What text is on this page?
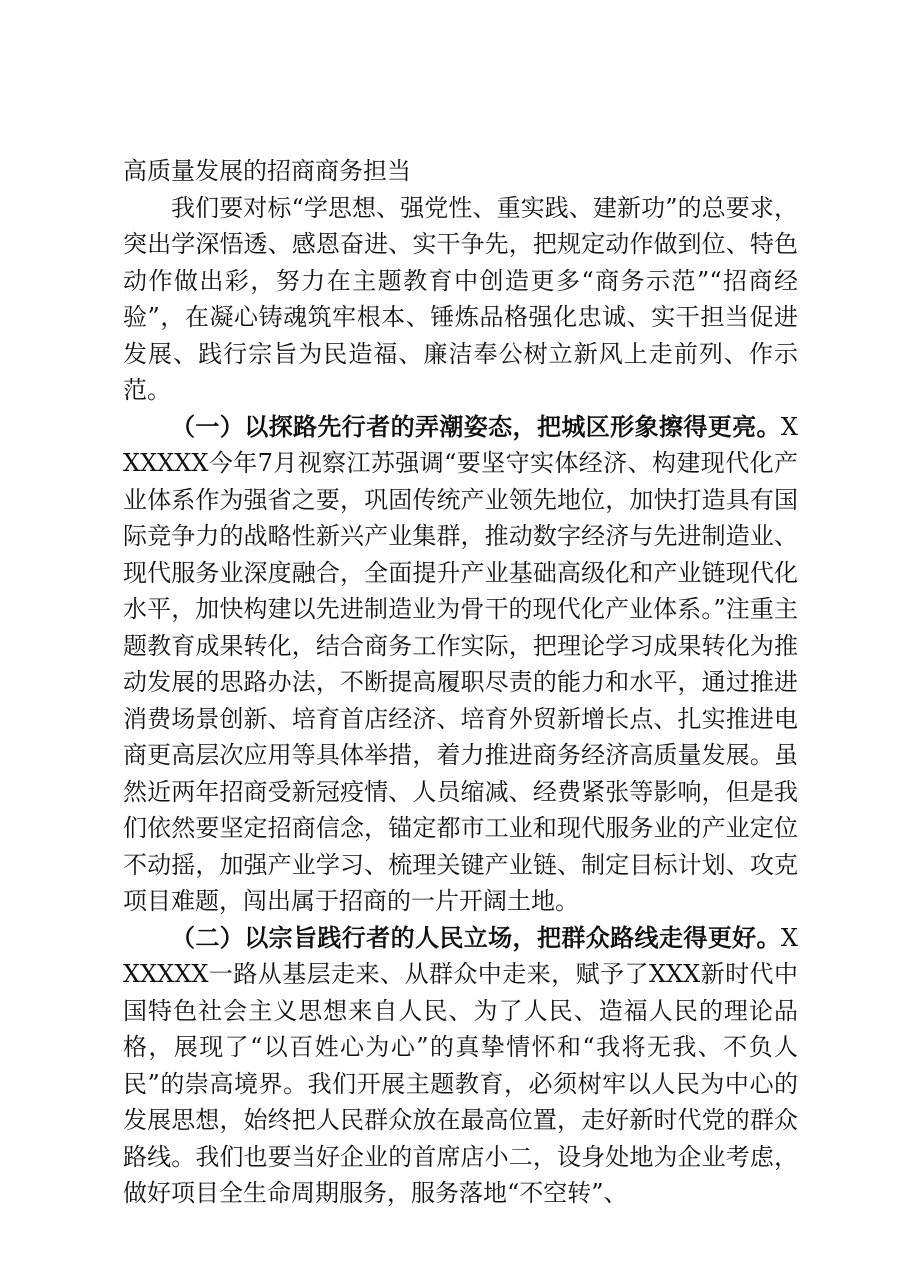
高质量发展的招商商务担当

我们要对标“学思想、强党性、重实践、建新功”的总要求，突出学深悟透、感恩奋进、实干争先，把规定动作做到位、特色动作做出彩，努力在主题教育中创造更多“商务示范”“招商经验”，在凝心铸魂筑牢根本、锤炼品格强化忠诚、实干担当促进发展、践行宗旨为民造福、廉洁奉公树立新风上走前列、作示范。

（一）以探路先行者的弄潮姿态，把城区形象擦得更亮。XXXXXX今年7月视察江苏强调“要坚守实体经济、构建现代化产业体系作为强省之要，巩固传统产业领先地位，加快打造具有国际竞争力的战略性新兴产业集群，推动数字经济与先进制造业、现代服务业深度融合，全面提升产业基础高级化和产业链现代化水平，加快构建以先进制造业为骨干的现代化产业体系。”注重主题教育成果转化，结合商务工作实际，把理论学习成果转化为推动发展的思路办法，不断提高履职尽责的能力和水平，通过推进消费场景创新、培育首店经济、培育外贸新增长点、扎实推进电商更高层次应用等具体举措，着力推进商务经济高质量发展。虽然近两年招商受新冠疫情、人员缩减、经费紧张等影响，但是我们依然要坚定招商信念，锚定都市工业和现代服务业的产业定位不动摇，加强产业学习、梳理关键产业链、制定目标计划、攻克项目难题，闯出属于招商的一片开阔土地。

（二）以宗旨践行者的人民立场，把群众路线走得更好。XXXXXX一路从基层走来、从群众中走来，赋予了XXX新时代中国特色社会主义思想来自人民、为了人民、造福人民的理论品格，展现了“以百姓心为心”的真挚情怀和“我将无我、不负人民”的崇高境界。我们开展主题教育，必须树牢以人民为中心的发展思想，始终把人民群众放在最高位置，走好新时代党的群众路线。我们也要当好企业的首席店小二，设身处地为企业考虑，做好项目全生命周期服务，服务落地“不空转”、
